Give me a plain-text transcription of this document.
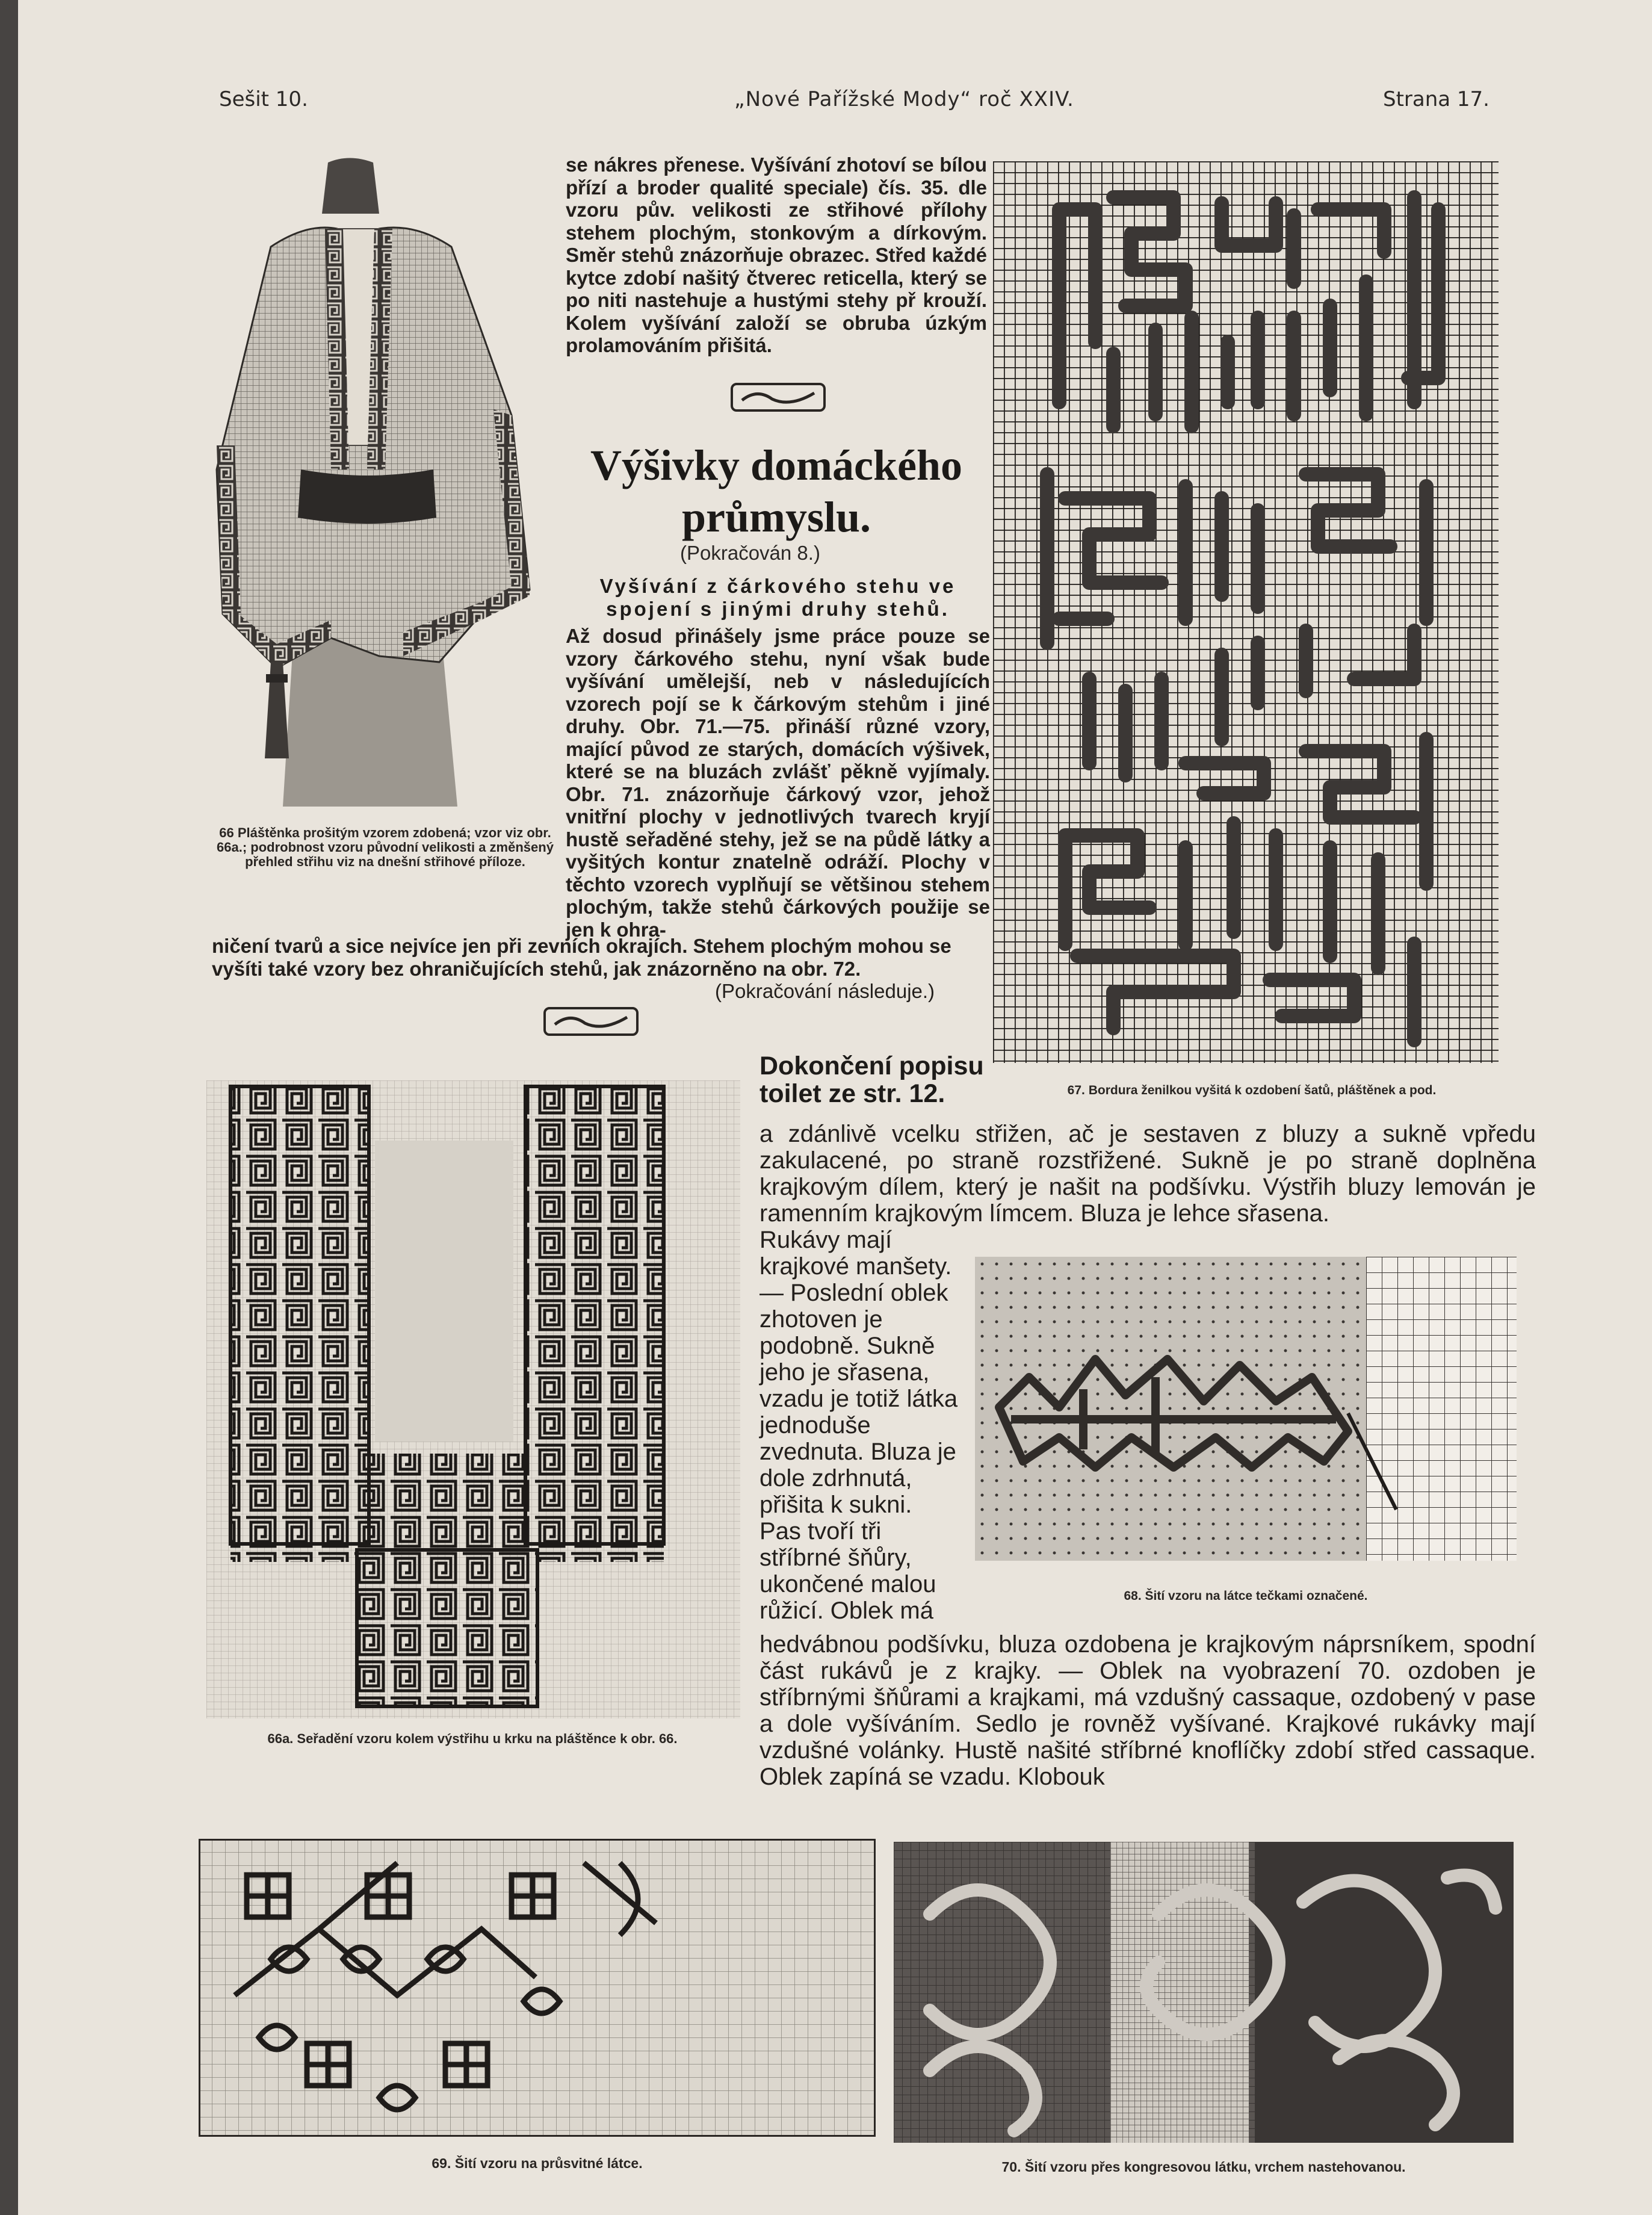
Sešit 10.	„Nové Pařížské Mody“ roč XXIV.	Strana 17.
66 Pláštěnka prošitým vzorem zdobená; vzor viz obr. 66a.; podrobnost vzoru původní velikosti a změnšený přehled střihu viz na dnešní střihové příloze.
se nákres přenese. Vyšívání zhotoví se bílou přízí a broder qualité speciale) čís. 35. dle vzoru pův. velikosti ze střihové přílohy stehem plochým, stonkovým a dírkovým. Směr stehů znázorňuje obrazec. Střed každé kytce zdobí našitý čtverec reticella, který se po niti nastehuje a hustými stehy př krouží. Kolem vyšívání založí se obruba úzkým prolamováním přišitá.
Výšivky domáckého průmyslu.
(Pokračován 8.)
Vyšívání z čárkového stehu ve spojení s jinými druhy stehů.
Až dosud přinášely jsme práce pouze se vzory čárkového stehu, nyní však bude vyšívání umělejší, neb v následujících vzorech pojí se k čárkovým stehům i jiné druhy. Obr. 71.—75. přináší různé vzory, mající původ ze starých, domácích výšivek, které se na bluzách zvlášť pěkně vyjímaly. Obr. 71. znázorňuje čárkový vzor, jehož vnitřní plochy v jednotlivých tvarech kryjí hustě seřaděné stehy, jež se na půdě látky a vyšitých kontur znatelně odráží. Plochy v těchto vzorech vyplňují se většinou stehem plochým, takže stehů čárkových použije se jen k ohra-
ničení tvarů a sice nejvíce jen při zevních okrajích. Stehem plochým mohou se vyšíti také vzory bez ohraničujících stehů, jak znázorněno na obr. 72.
(Pokračování následuje.)
67. Bordura ženilkou vyšitá k ozdobení šatů, pláštěnek a pod.
66a. Seřadění vzoru kolem výstřihu u krku na pláštěnce k obr. 66.
Dokončení popisu
toilet ze str. 12.
a zdánlivě vcelku střižen, ač je sestaven z bluzy a sukně vpředu zakulacené, po straně rozstřižené. Sukně je po straně doplněna krajkovým dílem, který je našit na podšívku. Výstřih bluzy lemován je ramenním krajkovým límcem. Bluza je lehce sřasena.
Rukávy mají krajkové manšety. — Poslední oblek zhotoven je podobně. Sukně jeho je sřasena, vzadu je totiž látka jednoduše zvednuta. Bluza je dole zdrhnutá, přišita k sukni. Pas tvoří tři stříbrné šňůry, ukončené malou růžicí. Oblek má
68. Šití vzoru na látce tečkami označené.
hedvábnou podšívku, bluza ozdobena je krajkovým náprsníkem, spodní část rukávů je z krajky. — Oblek na vyobrazení 70. ozdoben je stříbrnými šňůrami a krajkami, má vzdušný cassaque, ozdobený v pase a dole vyšíváním. Sedlo je rovněž vyšívané. Krajkové rukávky mají vzdušné volánky. Hustě našité stříbrné knoflíčky zdobí střed cassaque. Oblek zapíná se vzadu. Klobouk
69. Šití vzoru na průsvitné látce.	70. Šití vzoru přes kongresovou látku, vrchem nastehovanou.
